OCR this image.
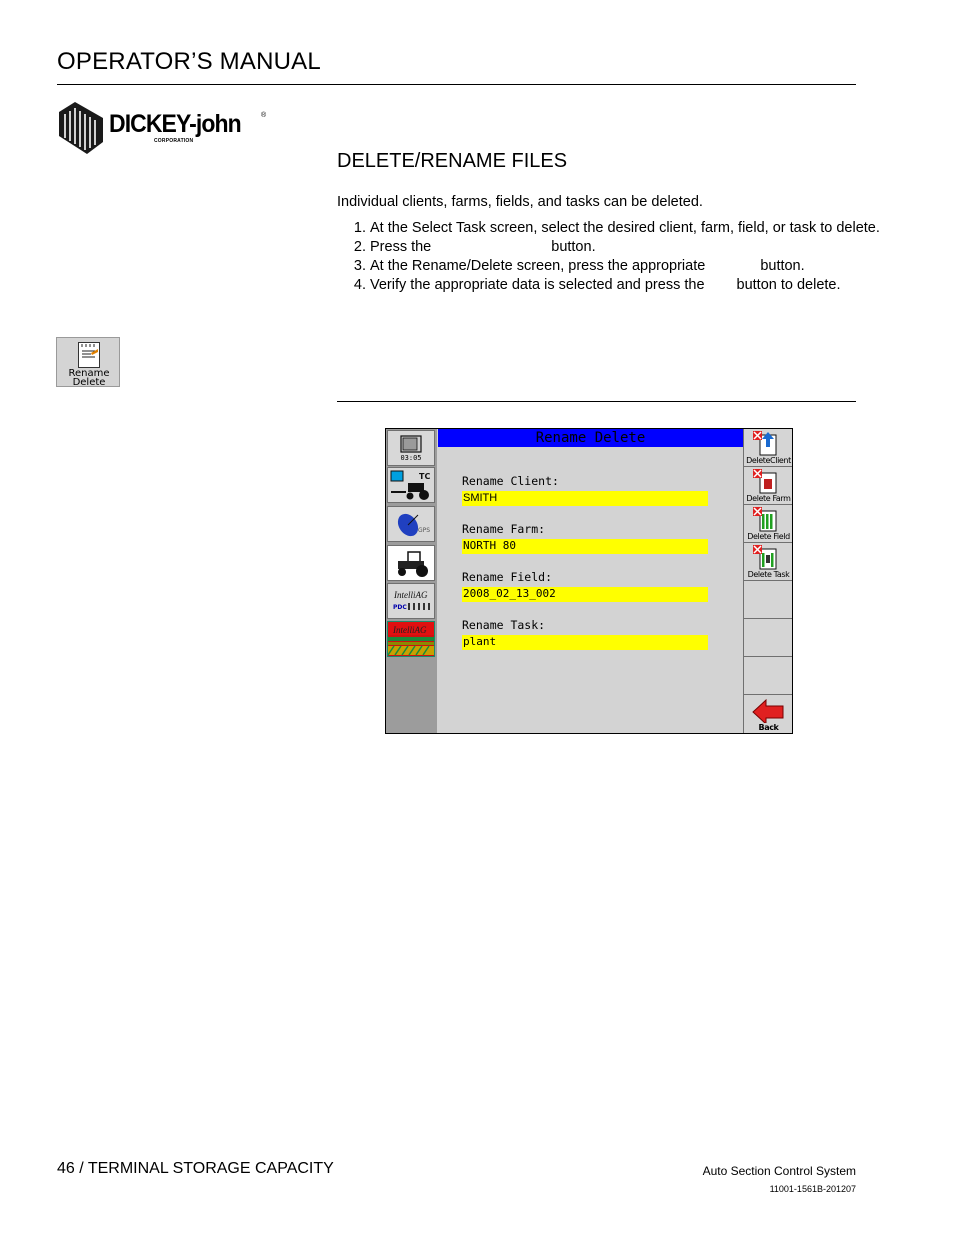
OPERATOR’S MANUAL
DICKEY-john	®
CORPORATION
DELETE/RENAME FILES
Individual clients, farms, fields, and tasks can be deleted.
1. At the Select Task screen, select the desired client, farm, field, or task to delete.
2. Press the	button.
3. At the Rename/Delete screen, press the appropriate	button.
4. Verify the appropriate data is selected and press the button to delete.
Rename
Delete
03:05
TC
GPS
IntelliAG
PDC
IntelliAG
Rename Delete
Rename Client:
SMITH
Rename Farm:
NORTH 80
Rename Field:
2008_02_13_002
Rename Task:
plant
DeleteClient
Delete Farm
Delete Field
Delete Task
Back
46 / TERMINAL STORAGE CAPACITY	Auto Section Control System
11001-1561B-201207
